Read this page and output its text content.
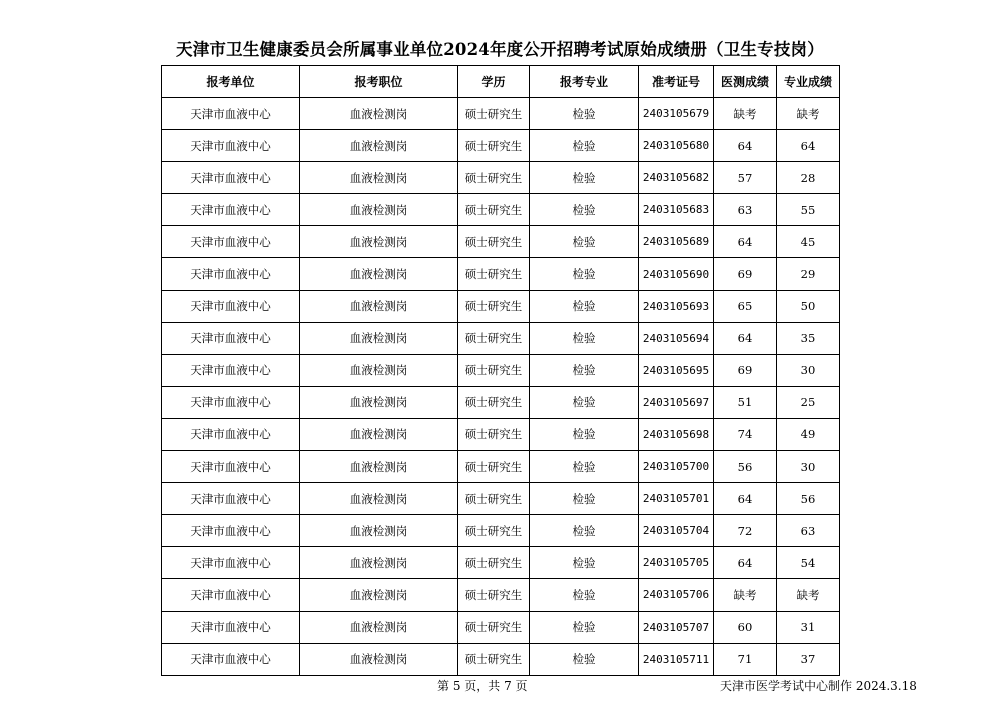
天津市卫生健康委员会所属事业单位2024年度公开招聘考试原始成绩册（卫生专技岗）
报考单位	报考职位	学历	报考专业	准考证号	医测成绩	专业成绩
天津市血液中心	血液检测岗	硕士研究生	检验	2403105679	缺考	缺考
天津市血液中心	血液检测岗	硕士研究生	检验	2403105680	64	64
天津市血液中心	血液检测岗	硕士研究生	检验	2403105682	57	28
天津市血液中心	血液检测岗	硕士研究生	检验	2403105683	63	55
天津市血液中心	血液检测岗	硕士研究生	检验	2403105689	64	45
天津市血液中心	血液检测岗	硕士研究生	检验	2403105690	69	29
天津市血液中心	血液检测岗	硕士研究生	检验	2403105693	65	50
天津市血液中心	血液检测岗	硕士研究生	检验	2403105694	64	35
天津市血液中心	血液检测岗	硕士研究生	检验	2403105695	69	30
天津市血液中心	血液检测岗	硕士研究生	检验	2403105697	51	25
天津市血液中心	血液检测岗	硕士研究生	检验	2403105698	74	49
天津市血液中心	血液检测岗	硕士研究生	检验	2403105700	56	30
天津市血液中心	血液检测岗	硕士研究生	检验	2403105701	64	56
天津市血液中心	血液检测岗	硕士研究生	检验	2403105704	72	63
天津市血液中心	血液检测岗	硕士研究生	检验	2403105705	64	54
天津市血液中心	血液检测岗	硕士研究生	检验	2403105706	缺考	缺考
天津市血液中心	血液检测岗	硕士研究生	检验	2403105707	60	31
天津市血液中心	血液检测岗	硕士研究生	检验	2403105711	71	37
第 5 页，共 7 页	天津市医学考试中心制作 2024.3.18
